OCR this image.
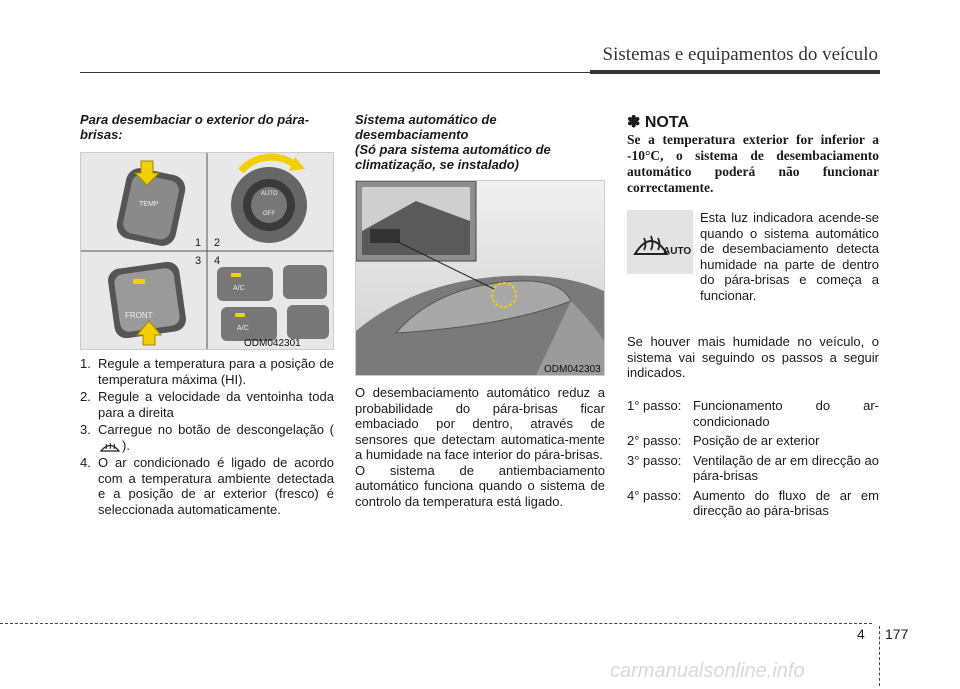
Sistemas e equipamentos do veículo
Para desembaciar o exterior do pára-brisas:
1 2
3 4
TEMP
FRONT
AUTO
OFF
A/C
A/C
ODM042301
1. Regule a temperatura para a posição de temperatura máxima (HI).
2. Regule a velocidade da ventoinha toda para a direita
3. Carregue no botão de descongelação ().
4. O ar condicionado é ligado de acordo com a temperatura ambiente detectada e a posição de ar exterior (fresco) é seleccionada automaticamente.
Sistema automático de
desembaciamento
(Só para sistema automático de
climatização, se instalado)
ODM042303
O desembaciamento automático reduz a probabilidade do pára-brisas ficar embaciado por dentro, através de sensores que detectam automatica-mente a humidade na face interior do pára-brisas.
O sistema de antiembaciamento automático funciona quando o sistema de controlo da temperatura está ligado.
✽ NOTA
Se a temperatura exterior for inferior a -10°C, o sistema de desembaciamento automático poderá não funcionar correctamente.
AUTO
Esta luz indicadora acende-se quando o sistema automático de desembaciamento detecta humidade na parte de dentro do pára-brisas e começa a funcionar.
Se houver mais humidade no veículo, o sistema vai seguindo os passos a seguir indicados.
1° passo: Funcionamento do ar-condicionado
2° passo: Posição de ar exterior
3° passo: Ventilação de ar em direcção ao pára-brisas
4° passo: Aumento do fluxo de ar em direcção ao pára-brisas
4 177
carmanualsonline.info
